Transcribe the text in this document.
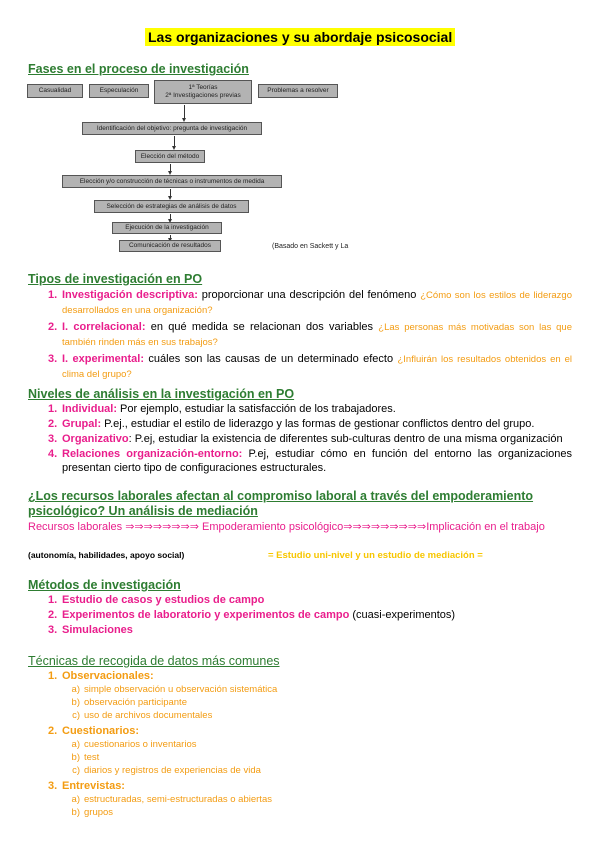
Las organizaciones y su abordaje psicosocial
Fases en el proceso de investigación
Casualidad	Especulación	1ª Teorías
2ª Investigaciones previas
Problemas a resolver
Identificación del objetivo: pregunta de investigación
Elección del método
Elección y/o construcción de técnicas o instrumentos de medida
Selección de estrategias de análisis de datos
Ejecución de la investigación
Comunicación de resultados	(Basado en Sackett y La
Tipos de investigación en PO
1. Investigación descriptiva: proporcionar una descripción del fenómeno ¿Cómo son los estilos de liderazgo desarrollados en una organización?
2. I. correlacional: en qué medida se relacionan dos variables ¿Las personas más motivadas son las que también rinden más en sus trabajos?
3. I. experimental: cuáles son las causas de un determinado efecto ¿Influirán los resultados obtenidos en el clima del grupo?
Niveles de análisis en la investigación en PO
1. Individual: Por ejemplo, estudiar la satisfacción de los trabajadores.
2. Grupal: P.ej., estudiar el estilo de liderazgo y las formas de gestionar conflictos dentro del grupo.
3. Organizativo: P.ej, estudiar la existencia de diferentes sub-culturas dentro de una misma organización
4. Relaciones organización-entorno: P.ej, estudiar cómo en función del entorno las organizaciones presentan cierto tipo de configuraciones estructurales.
¿Los recursos laborales afectan al compromiso laboral a través del empoderamiento psicológico? Un análisis de mediación
Recursos laborales ⇒⇒⇒⇒⇒⇒⇒⇒ Empoderamiento psicológico⇒⇒⇒⇒⇒⇒⇒⇒⇒Implicación en el trabajo
(autonomía, habilidades, apoyo social)	= Estudio uni-nivel y un estudio de mediación =
Métodos de investigación
1. Estudio de casos y estudios de campo
2. Experimentos de laboratorio y experimentos de campo (cuasi-experimentos)
3. Simulaciones
Técnicas de recogida de datos más comunes
1. Observacionales:
a) simple observación u observación sistemática
b) observación participante
c) uso de archivos documentales
2. Cuestionarios:
a) cuestionarios o inventarios
b) test
c) diarios y registros de experiencias de vida
3. Entrevistas:
a) estructuradas, semi-estructuradas o abiertas
b) grupos
